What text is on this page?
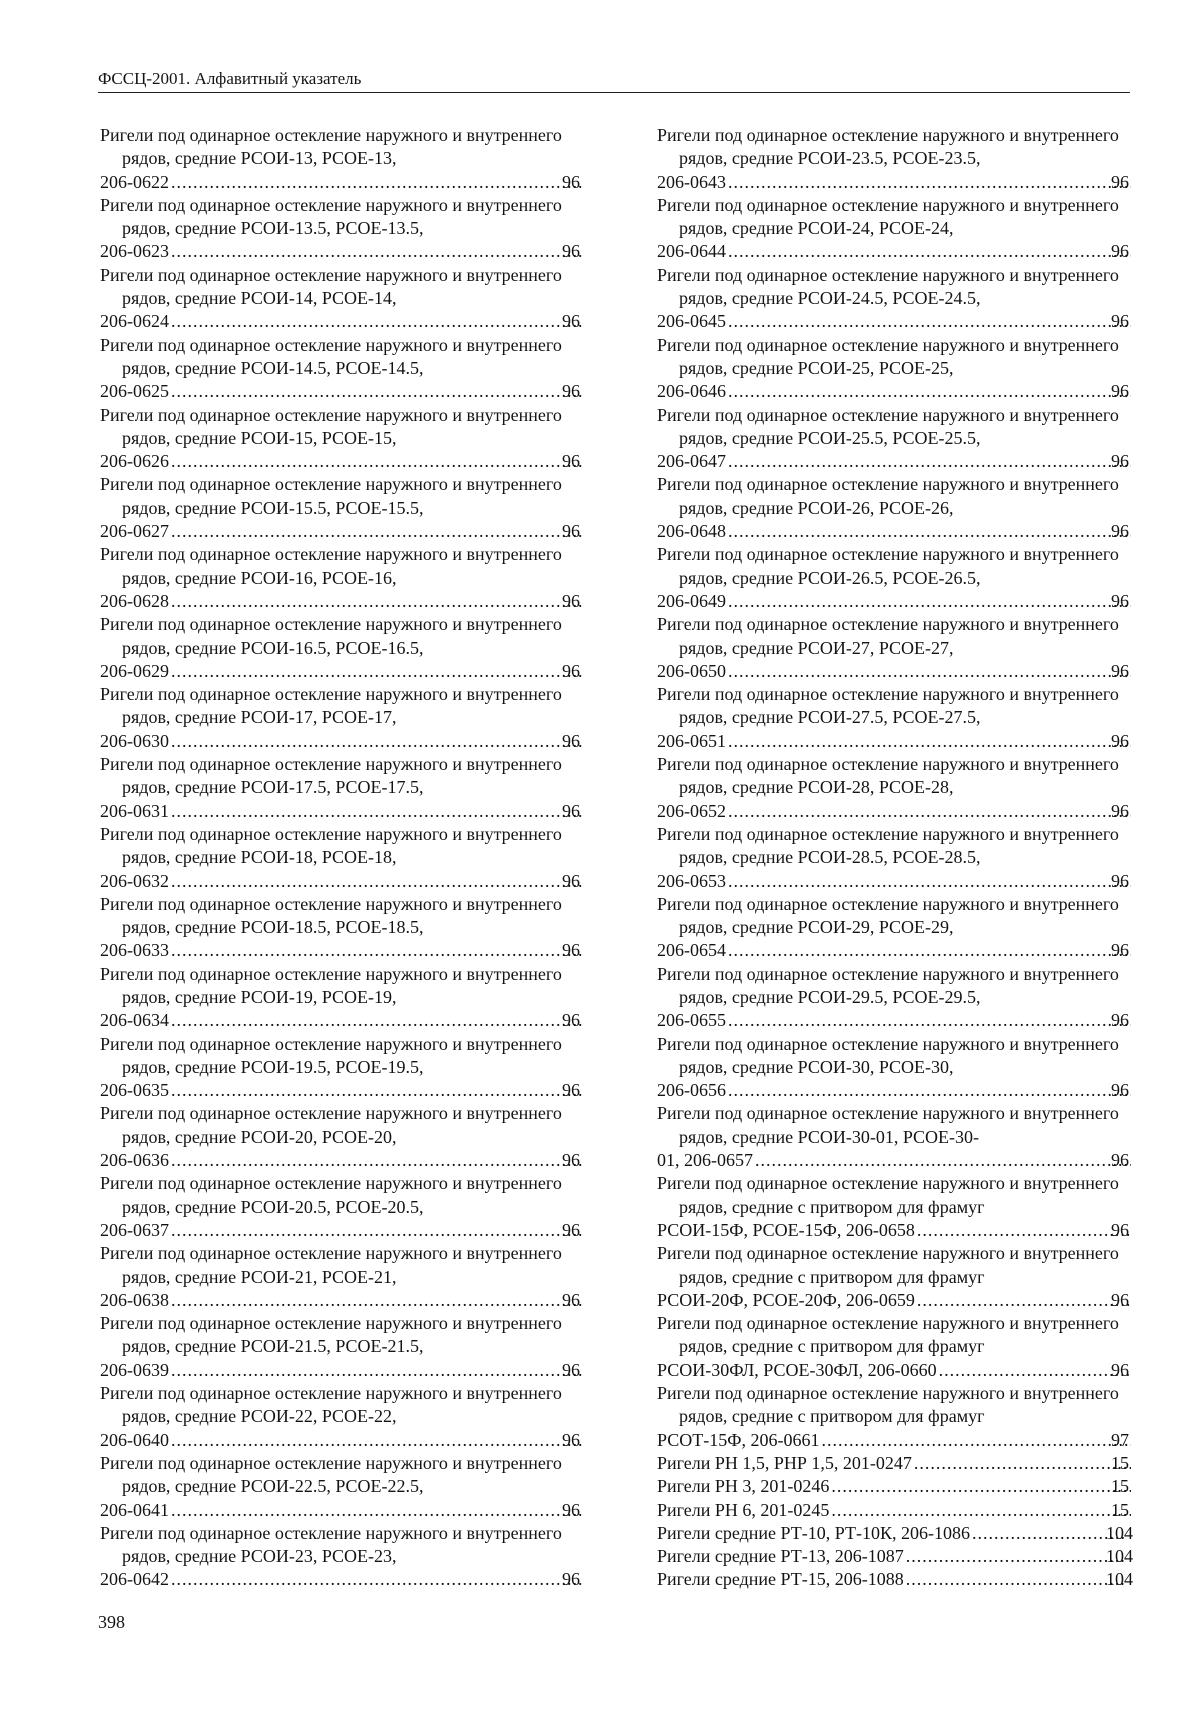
ФССЦ-2001. Алфавитный указатель
Ригели под одинарное остекление наружного и внутреннего рядов, средние РСОИ-13, РСОЕ-13,
206-0622 .....	96
Ригели под одинарное остекление наружного и внутреннего рядов, средние РСОИ-13.5, РСОЕ-13.5,
206-0623 .....	96
Ригели под одинарное остекление наружного и внутреннего рядов, средние РСОИ-14, РСОЕ-14,
206-0624 .....	96
Ригели под одинарное остекление наружного и внутреннего рядов, средние РСОИ-14.5, РСОЕ-14.5,
206-0625 .....	96
Ригели под одинарное остекление наружного и внутреннего рядов, средние РСОИ-15, РСОЕ-15,
206-0626 .....	96
Ригели под одинарное остекление наружного и внутреннего рядов, средние РСОИ-15.5, РСОЕ-15.5,
206-0627 .....	96
Ригели под одинарное остекление наружного и внутреннего рядов, средние РСОИ-16, РСОЕ-16,
206-0628 .....	96
Ригели под одинарное остекление наружного и внутреннего рядов, средние РСОИ-16.5, РСОЕ-16.5,
206-0629 .....	96
Ригели под одинарное остекление наружного и внутреннего рядов, средние РСОИ-17, РСОЕ-17,
206-0630 .....	96
Ригели под одинарное остекление наружного и внутреннего рядов, средние РСОИ-17.5, РСОЕ-17.5,
206-0631 .....	96
Ригели под одинарное остекление наружного и внутреннего рядов, средние РСОИ-18, РСОЕ-18,
206-0632 .....	96
Ригели под одинарное остекление наружного и внутреннего рядов, средние РСОИ-18.5, РСОЕ-18.5,
206-0633 .....	96
Ригели под одинарное остекление наружного и внутреннего рядов, средние РСОИ-19, РСОЕ-19,
206-0634 .....	96
Ригели под одинарное остекление наружного и внутреннего рядов, средние РСОИ-19.5, РСОЕ-19.5,
206-0635 .....	96
Ригели под одинарное остекление наружного и внутреннего рядов, средние РСОИ-20, РСОЕ-20,
206-0636 .....	96
Ригели под одинарное остекление наружного и внутреннего рядов, средние РСОИ-20.5, РСОЕ-20.5,
206-0637 .....	96
Ригели под одинарное остекление наружного и внутреннего рядов, средние РСОИ-21, РСОЕ-21,
206-0638 .....	96
Ригели под одинарное остекление наружного и внутреннего рядов, средние РСОИ-21.5, РСОЕ-21.5,
206-0639 .....	96
Ригели под одинарное остекление наружного и внутреннего рядов, средние РСОИ-22, РСОЕ-22,
206-0640 .....	96
Ригели под одинарное остекление наружного и внутреннего рядов, средние РСОИ-22.5, РСОЕ-22.5,
206-0641 .....	96
Ригели под одинарное остекление наружного и внутреннего рядов, средние РСОИ-23, РСОЕ-23,
206-0642 .....	96
Ригели под одинарное остекление наружного и внутреннего рядов, средние РСОИ-23.5, РСОЕ-23.5,
206-0643 .....	96
Ригели под одинарное остекление наружного и внутреннего рядов, средние РСОИ-24, РСОЕ-24,
206-0644 .....	96
Ригели под одинарное остекление наружного и внутреннего рядов, средние РСОИ-24.5, РСОЕ-24.5,
206-0645 .....	96
Ригели под одинарное остекление наружного и внутреннего рядов, средние РСОИ-25, РСОЕ-25,
206-0646 .....	96
Ригели под одинарное остекление наружного и внутреннего рядов, средние РСОИ-25.5, РСОЕ-25.5,
206-0647 .....	96
Ригели под одинарное остекление наружного и внутреннего рядов, средние РСОИ-26, РСОЕ-26,
206-0648 .....	96
Ригели под одинарное остекление наружного и внутреннего рядов, средние РСОИ-26.5, РСОЕ-26.5,
206-0649 .....	96
Ригели под одинарное остекление наружного и внутреннего рядов, средние РСОИ-27, РСОЕ-27,
206-0650 .....	96
Ригели под одинарное остекление наружного и внутреннего рядов, средние РСОИ-27.5, РСОЕ-27.5,
206-0651 .....	96
Ригели под одинарное остекление наружного и внутреннего рядов, средние РСОИ-28, РСОЕ-28,
206-0652 .....	96
Ригели под одинарное остекление наружного и внутреннего рядов, средние РСОИ-28.5, РСОЕ-28.5,
206-0653 .....	96
Ригели под одинарное остекление наружного и внутреннего рядов, средние РСОИ-29, РСОЕ-29,
206-0654 .....	96
Ригели под одинарное остекление наружного и внутреннего рядов, средние РСОИ-29.5, РСОЕ-29.5,
206-0655 .....	96
Ригели под одинарное остекление наружного и внутреннего рядов, средние РСОИ-30, РСОЕ-30,
206-0656 .....	96
Ригели под одинарное остекление наружного и внутреннего рядов, средние РСОИ-30-01, РСОЕ-30-
01, 206-0657 .....	96
Ригели под одинарное остекление наружного и внутреннего рядов, средние с притвором для фрамуг
РСОИ-15Ф, РСОЕ-15Ф, 206-0658 .....	96
Ригели под одинарное остекление наружного и внутреннего рядов, средние с притвором для фрамуг
РСОИ-20Ф, РСОЕ-20Ф, 206-0659 .....	96
Ригели под одинарное остекление наружного и внутреннего рядов, средние с притвором для фрамуг
РСОИ-30ФЛ, РСОЕ-30ФЛ, 206-0660 .....	96
Ригели под одинарное остекление наружного и внутреннего рядов, средние с притвором для фрамуг
РСОТ-15Ф, 206-0661 .....	97
Ригели РН 1,5, РНР 1,5, 201-0247 .....	15
Ригели РН 3, 201-0246 .....	15
Ригели РН 6, 201-0245 .....	15
Ригели средние РТ-10, РТ-10К, 206-1086 .....	104
Ригели средние РТ-13, 206-1087 .....	104
Ригели средние РТ-15, 206-1088 .....	104
398
